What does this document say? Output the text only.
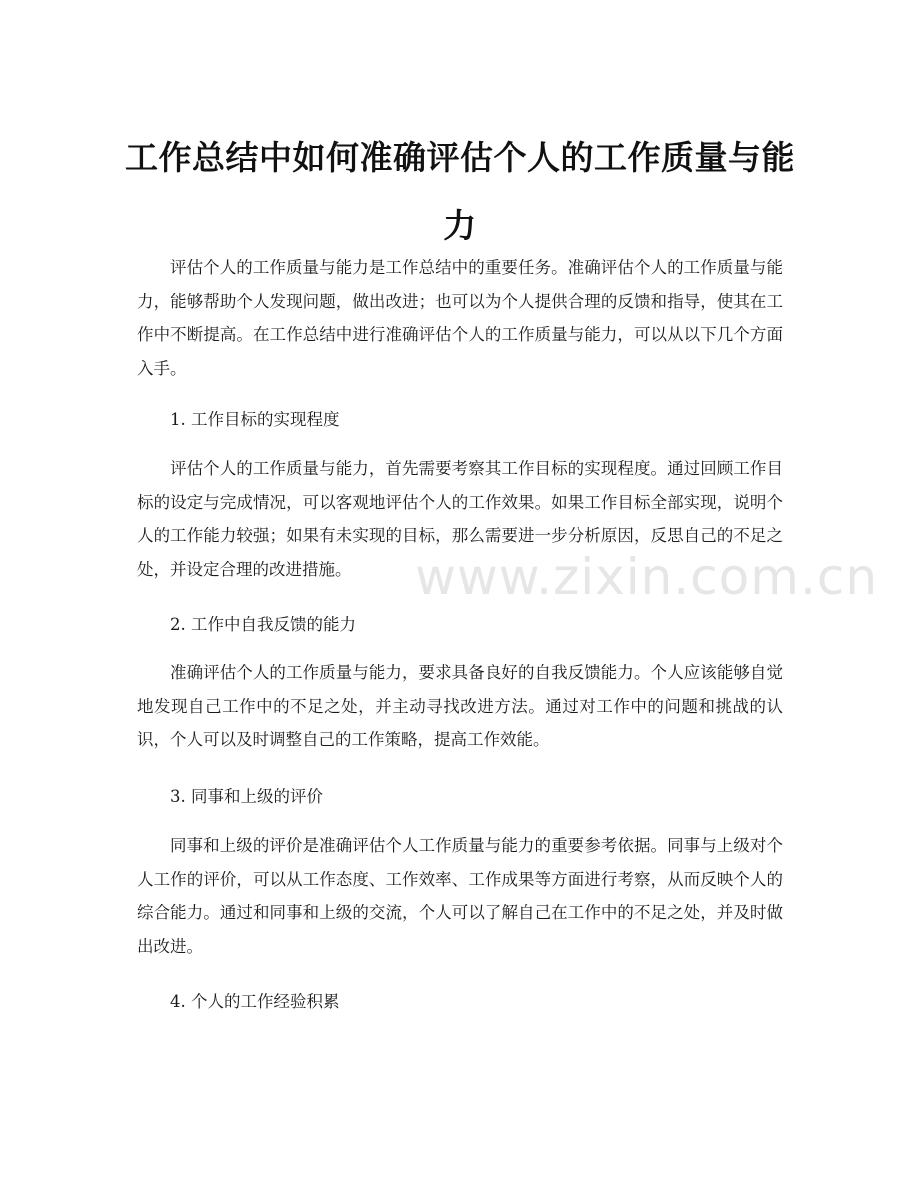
工作总结中如何准确评估个人的工作质量与能力

评估个人的工作质量与能力是工作总结中的重要任务。准确评估个人的工作质量与能力，能够帮助个人发现问题，做出改进；也可以为个人提供合理的反馈和指导，使其在工作中不断提高。在工作总结中进行准确评估个人的工作质量与能力，可以从以下几个方面入手。

1. 工作目标的实现程度

评估个人的工作质量与能力，首先需要考察其工作目标的实现程度。通过回顾工作目标的设定与完成情况，可以客观地评估个人的工作效果。如果工作目标全部实现，说明个人的工作能力较强；如果有未实现的目标，那么需要进一步分析原因，反思自己的不足之处，并设定合理的改进措施。

2. 工作中自我反馈的能力

准确评估个人的工作质量与能力，要求具备良好的自我反馈能力。个人应该能够自觉地发现自己工作中的不足之处，并主动寻找改进方法。通过对工作中的问题和挑战的认识，个人可以及时调整自己的工作策略，提高工作效能。

3. 同事和上级的评价

同事和上级的评价是准确评估个人工作质量与能力的重要参考依据。同事与上级对个人工作的评价，可以从工作态度、工作效率、工作成果等方面进行考察，从而反映个人的综合能力。通过和同事和上级的交流，个人可以了解自己在工作中的不足之处，并及时做出改进。

4. 个人的工作经验积累

www.zixin.com.cn
